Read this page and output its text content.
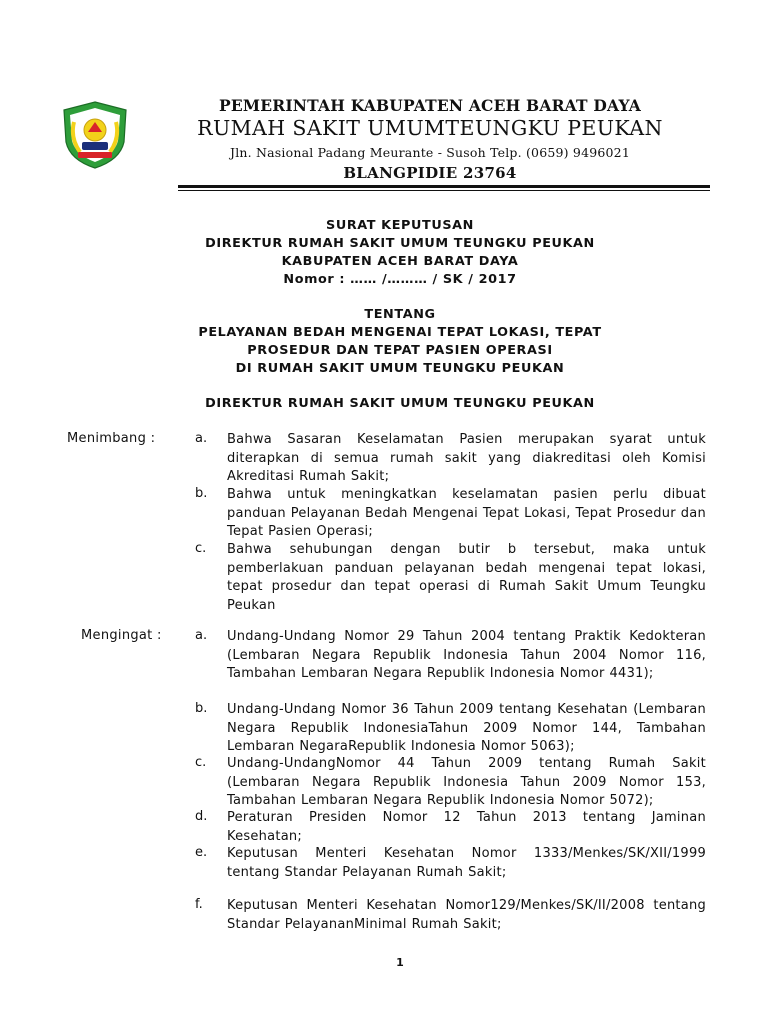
PEMERINTAH KABUPATEN ACEH BARAT DAYA
RUMAH SAKIT UMUMTEUNGKU PEUKAN
Jln. Nasional Padang Meurante - Susoh Telp. (0659) 9496021
BLANGPIDIE 23764
SURAT KEPUTUSAN
DIREKTUR RUMAH SAKIT UMUM TEUNGKU PEUKAN
KABUPATEN ACEH BARAT DAYA
Nomor : …… /……… / SK / 2017
TENTANG
PELAYANAN BEDAH MENGENAI TEPAT LOKASI, TEPAT
PROSEDUR DAN TEPAT PASIEN OPERASI
DI RUMAH SAKIT UMUM TEUNGKU PEUKAN
DIREKTUR RUMAH SAKIT UMUM TEUNGKU PEUKAN
Menimbang :	a. Bahwa Sasaran Keselamatan Pasien merupakan syarat untuk diterapkan di semua rumah sakit yang diakreditasi oleh Komisi Akreditasi Rumah Sakit;
b. Bahwa untuk meningkatkan keselamatan pasien perlu dibuat panduan Pelayanan Bedah Mengenai Tepat Lokasi, Tepat Prosedur dan Tepat Pasien Operasi;
c. Bahwa sehubungan dengan butir b tersebut, maka untuk pemberlakuan panduan pelayanan bedah mengenai tepat lokasi, tepat prosedur dan tepat operasi di Rumah Sakit Umum Teungku Peukan
Mengingat :	a. Undang-Undang Nomor 29 Tahun 2004 tentang Praktik Kedokteran (Lembaran Negara Republik Indonesia Tahun 2004 Nomor 116, Tambahan Lembaran Negara Republik Indonesia Nomor 4431);
b. Undang-Undang Nomor 36 Tahun 2009 tentang Kesehatan (Lembaran Negara Republik IndonesiaTahun 2009 Nomor 144, Tambahan Lembaran NegaraRepublik Indonesia Nomor 5063);
c. Undang-UndangNomor 44 Tahun 2009 tentang Rumah Sakit (Lembaran Negara Republik Indonesia Tahun 2009 Nomor 153, Tambahan Lembaran Negara Republik Indonesia Nomor 5072);
d. Peraturan Presiden Nomor 12 Tahun 2013 tentang Jaminan Kesehatan;
e. Keputusan Menteri Kesehatan Nomor 1333/Menkes/SK/XII/1999 tentang Standar Pelayanan Rumah Sakit;
f. Keputusan Menteri Kesehatan Nomor129/Menkes/SK/II/2008 tentang Standar PelayananMinimal Rumah Sakit;
1
